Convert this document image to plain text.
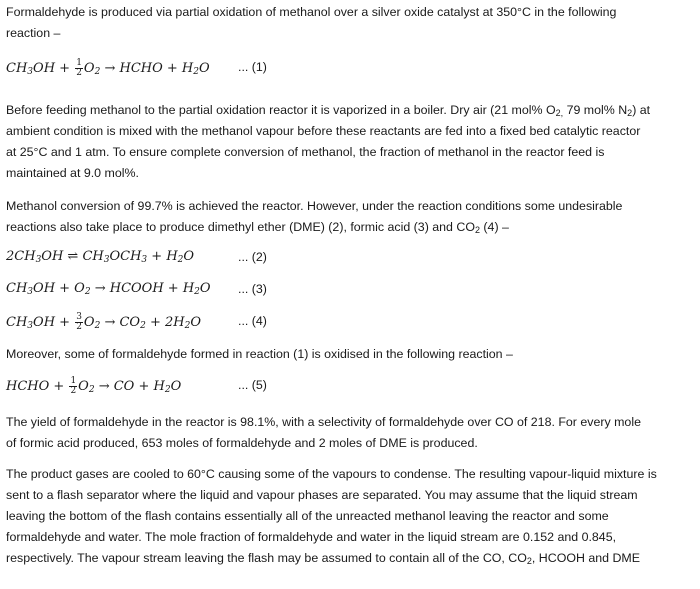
Formaldehyde is produced via partial oxidation of methanol over a silver oxide catalyst at 350°C in the following
reaction –

$CH_3OH + \frac{1}{2} O_2$ → HCHO + $H_2O$ ... (1)

Before feeding methanol to the partial oxidation reactor it is vaporized in a boiler. Dry air (21 mol% $O_{2,}$ 79 mol% $N_2$) at
ambient condition is mixed with the methanol vapour before these reactants are fed into a fixed bed catalytic reactor
at 25°C and 1 atm. To ensure complete conversion of methanol, the fraction of methanol in the reactor feed is
maintained at 9.0 mol%.

Methanol conversion of 99.7% is achieved the reactor. However, under the reaction conditions some undesirable
reactions also take place to produce dimethyl ether (DME) (2), formic acid (3) and $CO_2$ (4) –

$2CH_3OH$ ⇌ $CH_3OCH_3 + H_2O$	... (2)
$CH_3OH + O_2$ → HCOOH + $H_2O$ ... (3)
$CH_3OH + \frac{3}{2} O_2 \to CO_2 + 2H_2O$	... (4)

Moreover, some of formaldehyde formed in reaction (1) is oxidised in the following reaction –

HCHO + $\frac{1}{2} O_2$ → CO + $H_2O$	... (5)

The yield of formaldehyde in the reactor is 98.1%, with a selectivity of formaldehyde over CO of 218. For every mole
of formic acid produced, 653 moles of formaldehyde and 2 moles of DME is produced.

The product gases are cooled to 60°C causing some of the vapours to condense. The resulting vapour-liquid mixture is
sent to a flash separator where the liquid and vapour phases are separated. You may assume that the liquid stream
leaving the bottom of the flash contains essentially all of the unreacted methanol leaving the reactor and some
formaldehyde and water. The mole fraction of formaldehyde and water in the liquid stream are 0.152 and 0.845,
respectively. The vapour stream leaving the flash may be assumed to contain all of the CO, $CO_2$, HCOOH and DME
